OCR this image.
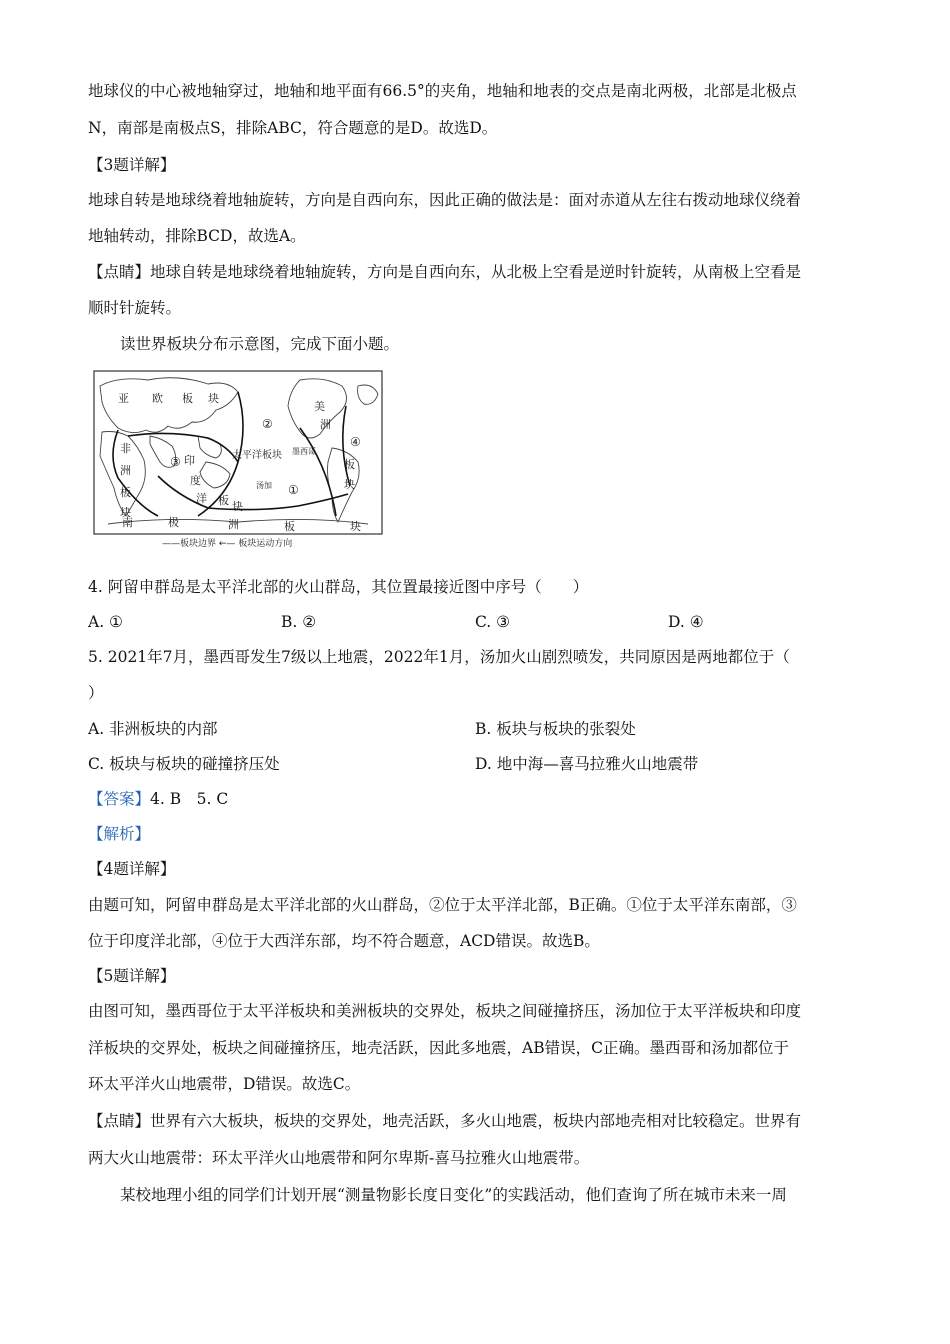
地球仪的中心被地轴穿过，地轴和地平面有66.5°的夹角，地轴和地表的交点是南北两极，北部是北极点
N，南部是南极点S，排除ABC，符合题意的是D。故选D。
【3题详解】
地球自转是地球绕着地轴旋转，方向是自西向东，因此正确的做法是：面对赤道从左往右拨动地球仪绕着
地轴转动，排除BCD，故选A。
【点睛】地球自转是地球绕着地轴旋转，方向是自西向东，从北极上空看是逆时针旋转，从南极上空看是
顺时针旋转。
读世界板块分布示意图，完成下面小题。
亚 欧 板 块
美
洲
非
洲
板
块
印
度
洋 板 块
太平洋板块 墨西哥
板
块
南	极	洲	板	块
汤加 ①
②
③
④
——板块边界 ←— 板块运动方向
4. 阿留申群岛是太平洋北部的火山群岛，其位置最接近图中序号（　　）
A. ①	B. ②	C. ③	D. ④
5. 2021年7月，墨西哥发生7级以上地震，2022年1月，汤加火山剧烈喷发，共同原因是两地都位于（
）
A. 非洲板块的内部	B. 板块与板块的张裂处
C. 板块与板块的碰撞挤压处	D. 地中海—喜马拉雅火山地震带
【答案】4. B　5. C
【解析】
【4题详解】
由题可知，阿留申群岛是太平洋北部的火山群岛，②位于太平洋北部，B正确。①位于太平洋东南部，③
位于印度洋北部，④位于大西洋东部，均不符合题意，ACD错误。故选B。
【5题详解】
由图可知，墨西哥位于太平洋板块和美洲板块的交界处，板块之间碰撞挤压，汤加位于太平洋板块和印度
洋板块的交界处，板块之间碰撞挤压，地壳活跃，因此多地震，AB错误，C正确。墨西哥和汤加都位于
环太平洋火山地震带，D错误。故选C。
【点睛】世界有六大板块，板块的交界处，地壳活跃，多火山地震，板块内部地壳相对比较稳定。世界有
两大火山地震带：环太平洋火山地震带和阿尔卑斯-喜马拉雅火山地震带。
某校地理小组的同学们计划开展“测量物影长度日变化”的实践活动，他们查询了所在城市未来一周
